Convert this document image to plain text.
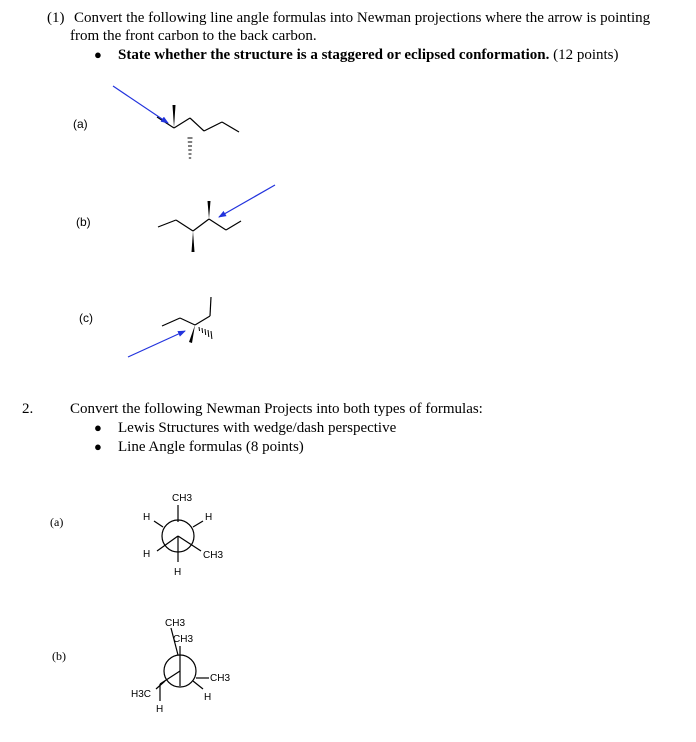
(1) Convert the following line angle formulas into Newman projections where the arrow is pointing
from the front carbon to the back carbon.
● State whether the structure is a staggered or eclipsed conformation. (12 points)
(a)
(b)
(c)
2. Convert the following Newman Projects into both types of formulas:
● Lewis Structures with wedge/dash perspective
● Line Angle formulas (8 points)
(a)
(b)
CH3
H	H
H	CH3
H
CH3
CH3
CH3
H
H3C
H
